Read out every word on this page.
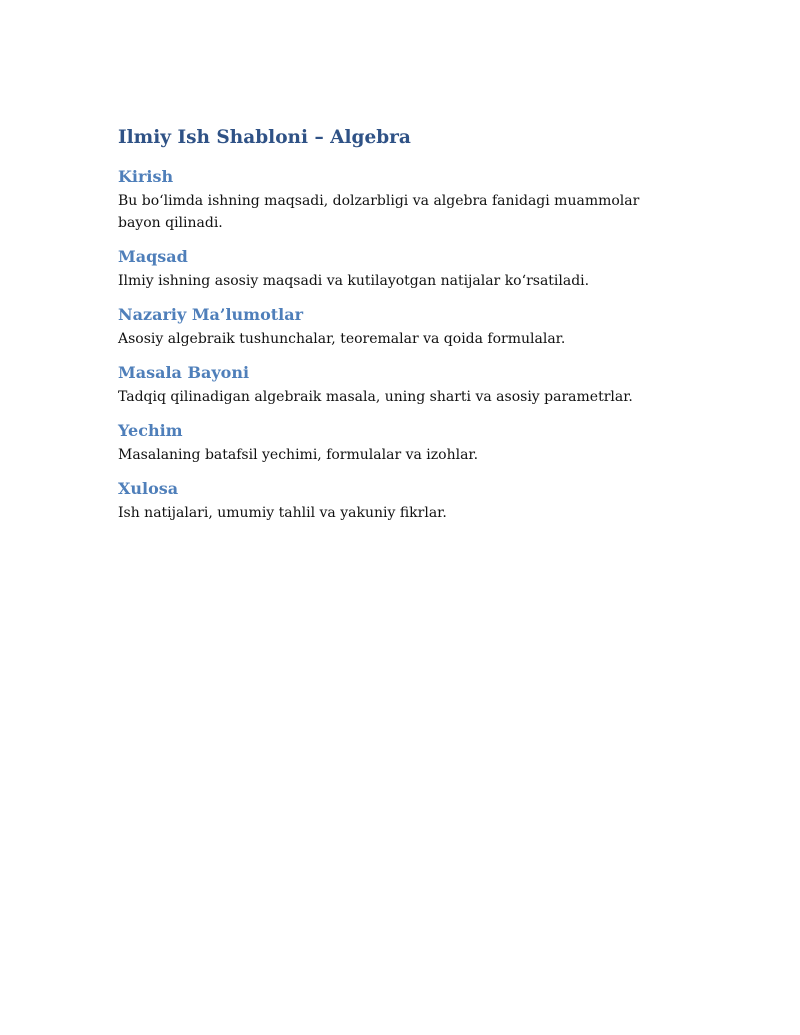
Ilmiy Ish Shabloni – Algebra
Kirish

Bu bo‘limda ishning maqsadi, dolzarbligi va algebra fanidagi muammolar bayon qilinadi.

Maqsad

Ilmiy ishning asosiy maqsadi va kutilayotgan natijalar ko‘rsatiladi.

Nazariy Ma’lumotlar

Asosiy algebraik tushunchalar, teoremalar va qoida formulalar.

Masala Bayoni

Tadqiq qilinadigan algebraik masala, uning sharti va asosiy parametrlar.

Yechim

Masalaning batafsil yechimi, formulalar va izohlar.

Xulosa

Ish natijalari, umumiy tahlil va yakuniy fikrlar.
